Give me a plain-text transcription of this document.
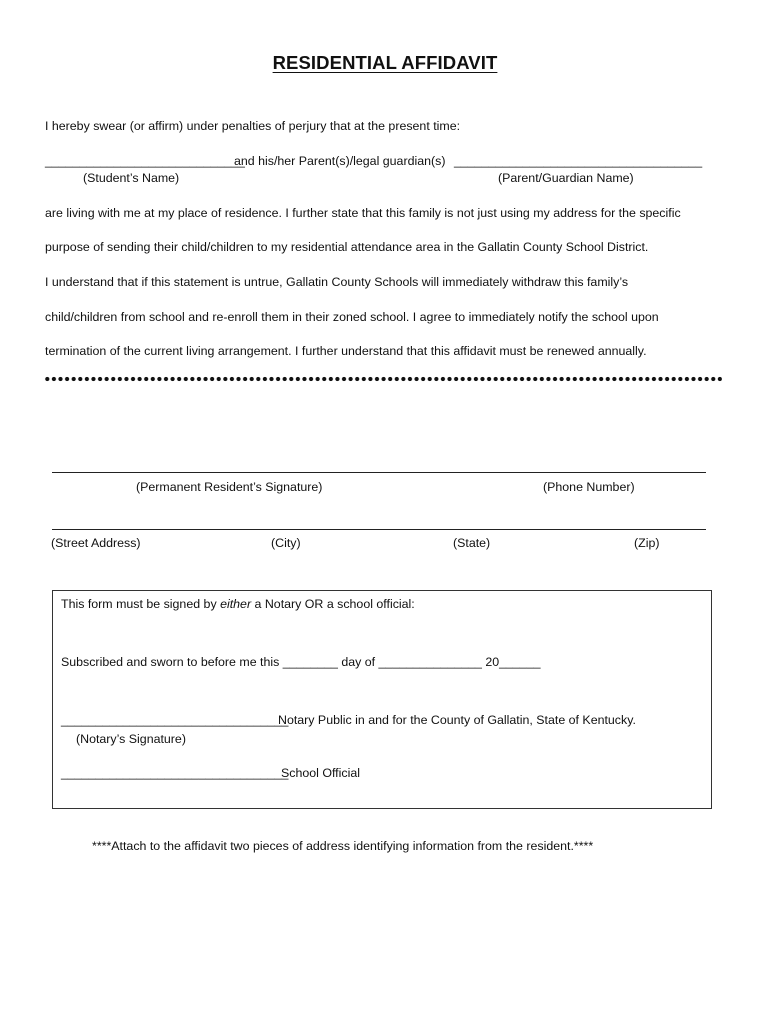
RESIDENTIAL AFFIDAVIT
I hereby swear (or affirm) under penalties of perjury that at the present time:
_____________________________
and his/her Parent(s)/legal guardian(s) ____________________________________
(Student’s Name)	(Parent/Guardian Name)
are living with me at my place of residence. I further state that this family is not just using my address for the specific
purpose of sending their child/children to my residential attendance area in the Gallatin County School District.
I understand that if this statement is untrue, Gallatin County Schools will immediately withdraw this family’s
child/children from school and re-enroll them in their zoned school. I agree to immediately notify the school upon
termination of the current living arrangement. I further understand that this affidavit must be renewed annually.
(Permanent Resident’s Signature)	(Phone Number)
(Street Address)	(City)	(State)	(Zip)
This form must be signed by either a Notary OR a school official:
Subscribed and sworn to before me this ________ day of _______________ 20______
_________________________________
Notary Public in and for the County of Gallatin, State of Kentucky.
(Notary’s Signature)
_________________________________
School Official
****Attach to the affidavit two pieces of address identifying information from the resident.****
